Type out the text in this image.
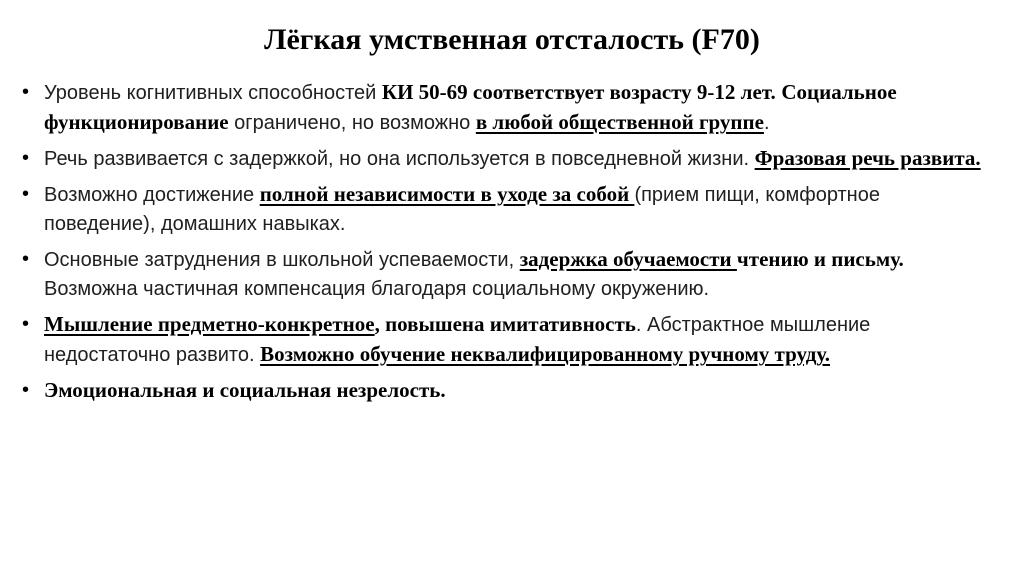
Лёгкая умственная отсталость (F70)
• Уровень когнитивных способностей КИ 50-69 соответствует возрасту 9-12 лет. Социальное функционирование ограничено, но возможно в любой общественной группе.
• Речь развивается с задержкой, но она используется в повседневной жизни. Фразовая речь развита.
• Возможно достижение полной независимости в уходе за собой (прием пищи, комфортное поведение), домашних навыках.
• Основные затруднения в школьной успеваемости, задержка обучаемости чтению и письму. Возможна частичная компенсация благодаря социальному окружению.
• Мышление предметно-конкретное, повышена имитативность. Абстрактное мышление недостаточно развито. Возможно обучение неквалифицированному ручному труду.
• Эмоциональная и социальная незрелость.
